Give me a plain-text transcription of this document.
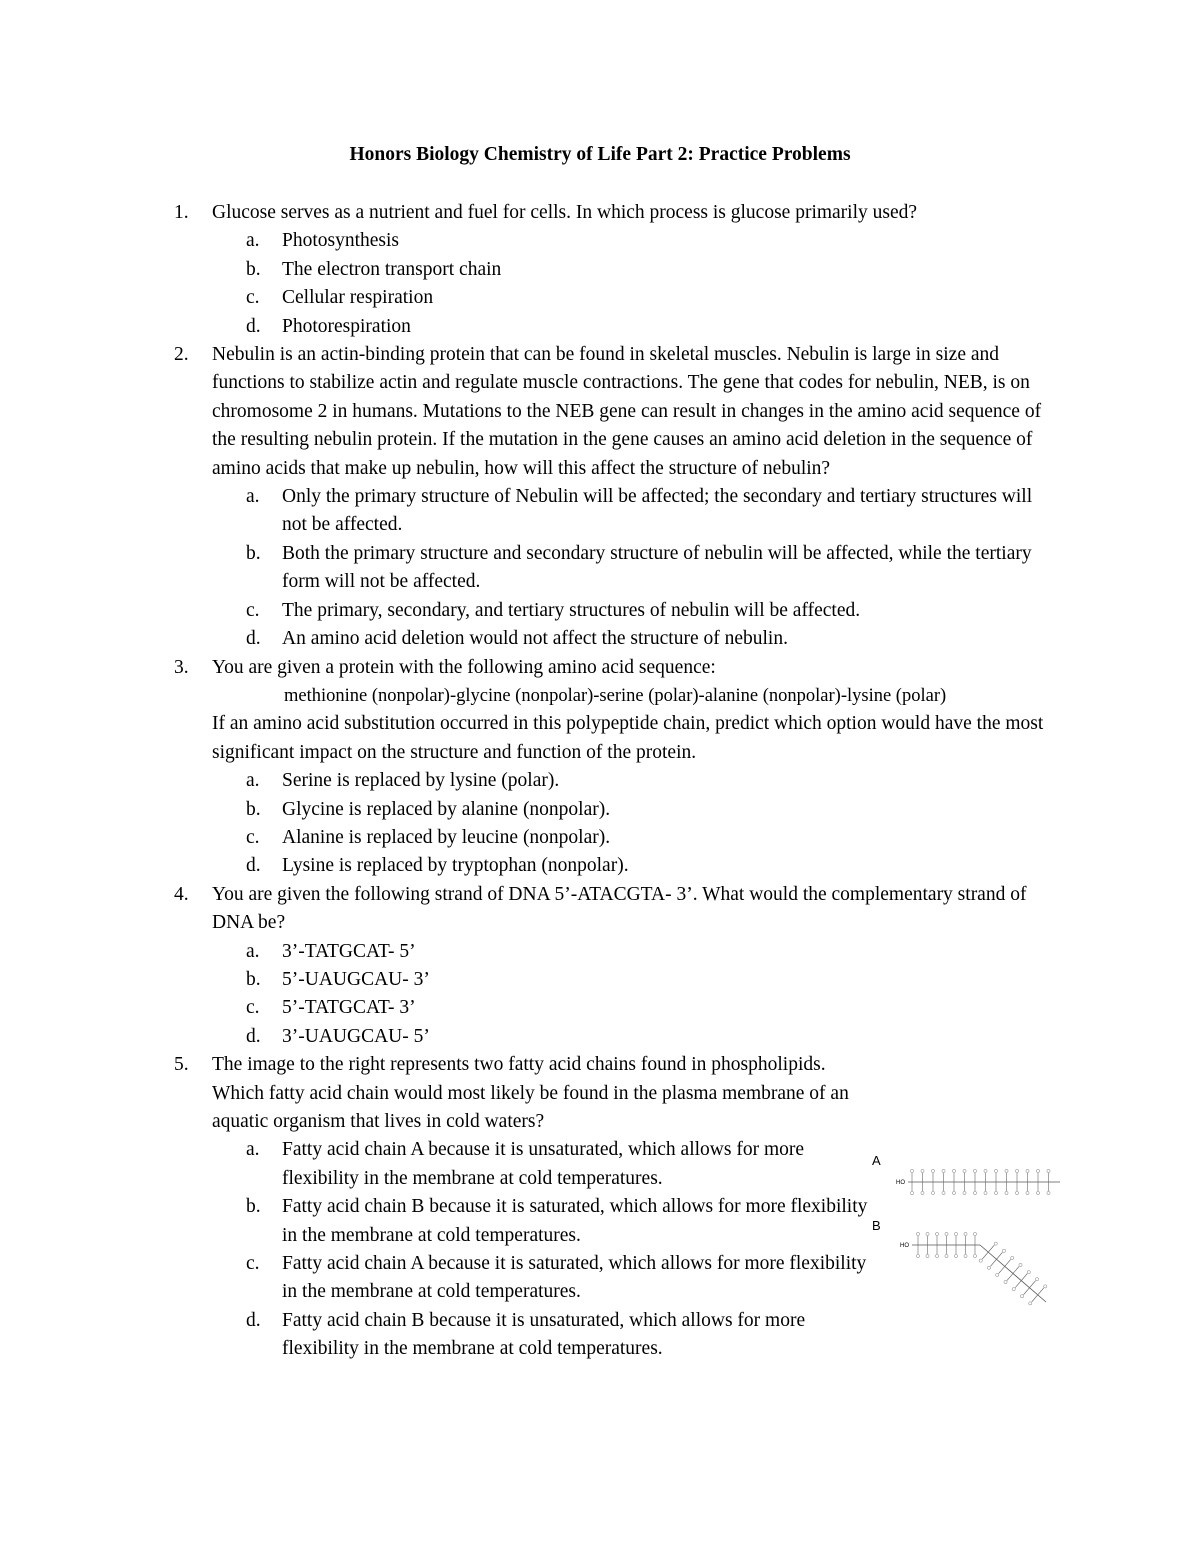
Honors Biology Chemistry of Life Part 2: Practice Problems
1.	Glucose serves as a nutrient and fuel for cells. In which process is glucose primarily used?
a. Photosynthesis
b. The electron transport chain
c. Cellular respiration
d. Photorespiration
2.	Nebulin is an actin-binding protein that can be found in skeletal muscles. Nebulin is large in size and functions to stabilize actin and regulate muscle contractions. The gene that codes for nebulin, NEB, is on chromosome 2 in humans. Mutations to the NEB gene can result in changes in the amino acid sequence of the resulting nebulin protein. If the mutation in the gene causes an amino acid deletion in the sequence of amino acids that make up nebulin, how will this affect the structure of nebulin?
a. Only the primary structure of Nebulin will be affected; the secondary and tertiary structures will not be affected.
b. Both the primary structure and secondary structure of nebulin will be affected, while the tertiary form will not be affected.
c. The primary, secondary, and tertiary structures of nebulin will be affected.
d. An amino acid deletion would not affect the structure of nebulin.
3.	You are given a protein with the following amino acid sequence:
methionine (nonpolar)-glycine (nonpolar)-serine (polar)-alanine (nonpolar)-lysine (polar)
If an amino acid substitution occurred in this polypeptide chain, predict which option would have the most significant impact on the structure and function of the protein.
a. Serine is replaced by lysine (polar).
b. Glycine is replaced by alanine (nonpolar).
c. Alanine is replaced by leucine (nonpolar).
d. Lysine is replaced by tryptophan (nonpolar).
4.	You are given the following strand of DNA 5’-ATACGTA- 3’. What would the complementary strand of DNA be?
a. 3’-TATGCAT- 5’
b. 5’-UAUGCAU- 3’
c. 5’-TATGCAT- 3’
d. 3’-UAUGCAU- 5’
5.	The image to the right represents two fatty acid chains found in phospholipids. Which fatty acid chain would most likely be found in the plasma membrane of an aquatic organism that lives in cold waters?
a. Fatty acid chain A because it is unsaturated, which allows for more flexibility in the membrane at cold temperatures.
b. Fatty acid chain B because it is saturated, which allows for more flexibility in the membrane at cold temperatures.
c. Fatty acid chain A because it is saturated, which allows for more flexibility in the membrane at cold temperatures.
d. Fatty acid chain B because it is unsaturated, which allows for more flexibility in the membrane at cold temperatures.
A
B
HO
HO
